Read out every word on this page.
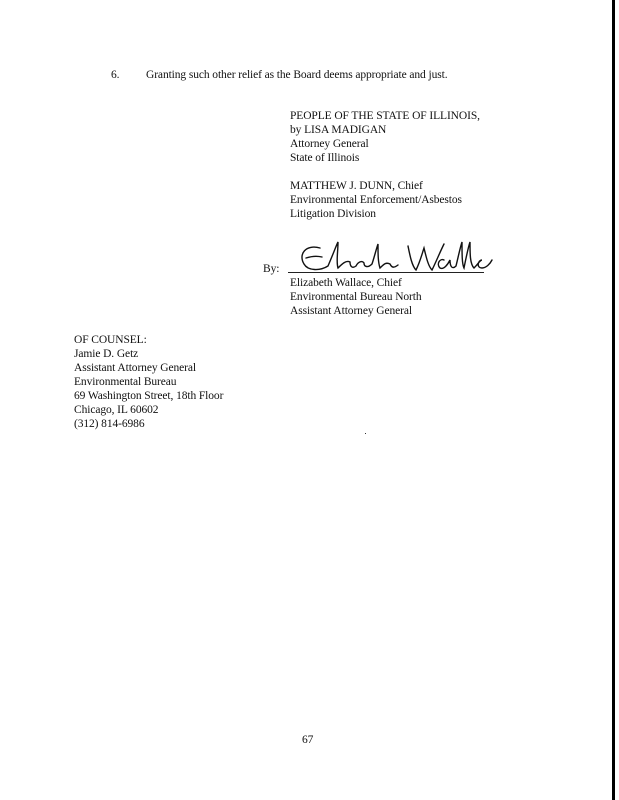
6. Granting such other relief as the Board deems appropriate and just.
PEOPLE OF THE STATE OF ILLINOIS,
by LISA MADIGAN
Attorney General
State of Illinois
MATTHEW J. DUNN, Chief
Environmental Enforcement/Asbestos
Litigation Division
By:
Elizabeth Wallace, Chief
Environmental Bureau North
Assistant Attorney General
OF COUNSEL:
Jamie D. Getz
Assistant Attorney General
Environmental Bureau
69 Washington Street, 18th Floor
Chicago, IL 60602
(312) 814-6986
67
